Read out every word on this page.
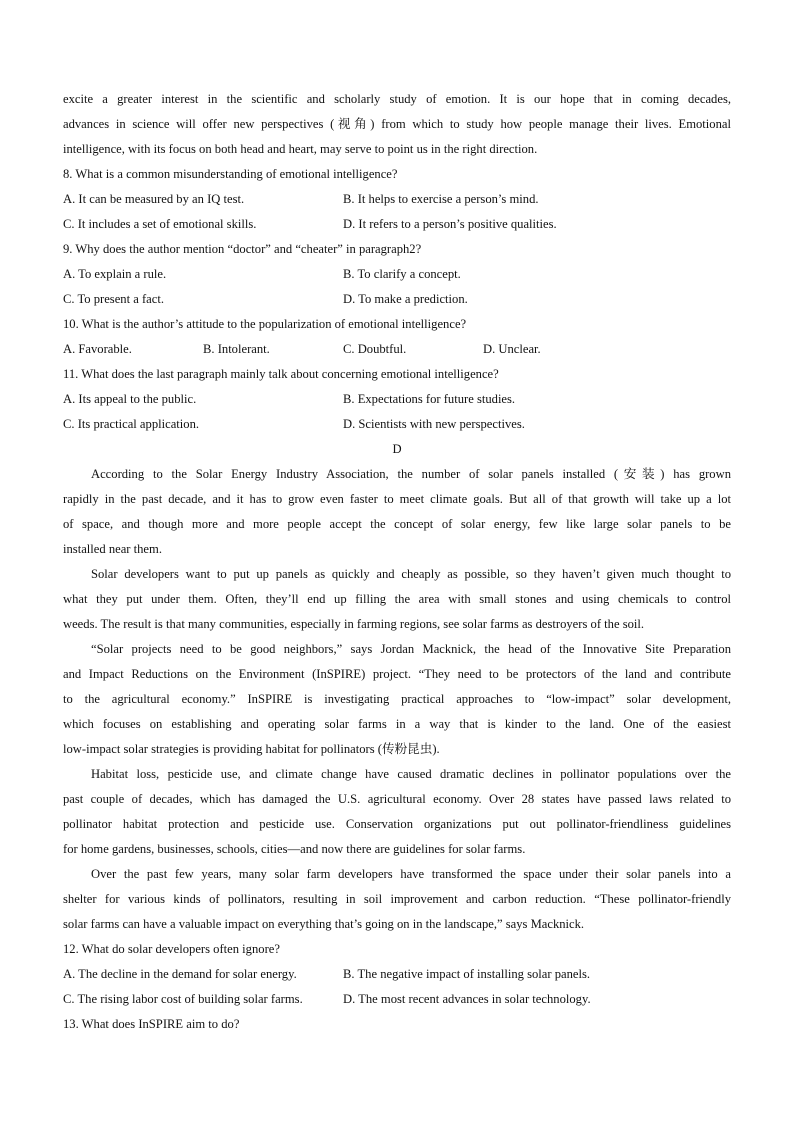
excite a greater interest in the scientific and scholarly study of emotion. It is our hope that in coming decades,
advances in science will offer new perspectives (视角) from which to study how people manage their lives. Emotional
intelligence, with its focus on both head and heart, may serve to point us in the right direction.
8. What is a common misunderstanding of emotional intelligence?
A. It can be measured by an IQ test.	B. It helps to exercise a person’s mind.
C. It includes a set of emotional skills.	D. It refers to a person’s positive qualities.
9. Why does the author mention “doctor” and “cheater” in paragraph2?
A. To explain a rule.	B. To clarify a concept.
C. To present a fact.	D. To make a prediction.
10. What is the author’s attitude to the popularization of emotional intelligence?
A. Favorable.	B. Intolerant.	C. Doubtful.	D. Unclear.
11. What does the last paragraph mainly talk about concerning emotional intelligence?
A. Its appeal to the public.	B. Expectations for future studies.
C. Its practical application.	D. Scientists with new perspectives.
D
According to the Solar Energy Industry Association, the number of solar panels installed (安装) has grown
rapidly in the past decade, and it has to grow even faster to meet climate goals. But all of that growth will take up a lot
of space, and though more and more people accept the concept of solar energy, few like large solar panels to be
installed near them.
Solar developers want to put up panels as quickly and cheaply as possible, so they haven’t given much thought to
what they put under them. Often, they’ll end up filling the area with small stones and using chemicals to control
weeds. The result is that many communities, especially in farming regions, see solar farms as destroyers of the soil.
“Solar projects need to be good neighbors,” says Jordan Macknick, the head of the Innovative Site Preparation
and Impact Reductions on the Environment (InSPIRE) project. “They need to be protectors of the land and contribute
to the agricultural economy.” InSPIRE is investigating practical approaches to “low-impact” solar development,
which focuses on establishing and operating solar farms in a way that is kinder to the land. One of the easiest
low-impact solar strategies is providing habitat for pollinators (传粉昆虫).
Habitat loss, pesticide use, and climate change have caused dramatic declines in pollinator populations over the
past couple of decades, which has damaged the U.S. agricultural economy. Over 28 states have passed laws related to
pollinator habitat protection and pesticide use. Conservation organizations put out pollinator-friendliness guidelines
for home gardens, businesses, schools, cities—and now there are guidelines for solar farms.
Over the past few years, many solar farm developers have transformed the space under their solar panels into a
shelter for various kinds of pollinators, resulting in soil improvement and carbon reduction. “These pollinator-friendly
solar farms can have a valuable impact on everything that’s going on in the landscape,” says Macknick.
12. What do solar developers often ignore?
A. The decline in the demand for solar energy.	B. The negative impact of installing solar panels.
C. The rising labor cost of building solar farms.	D. The most recent advances in solar technology.
13. What does InSPIRE aim to do?
